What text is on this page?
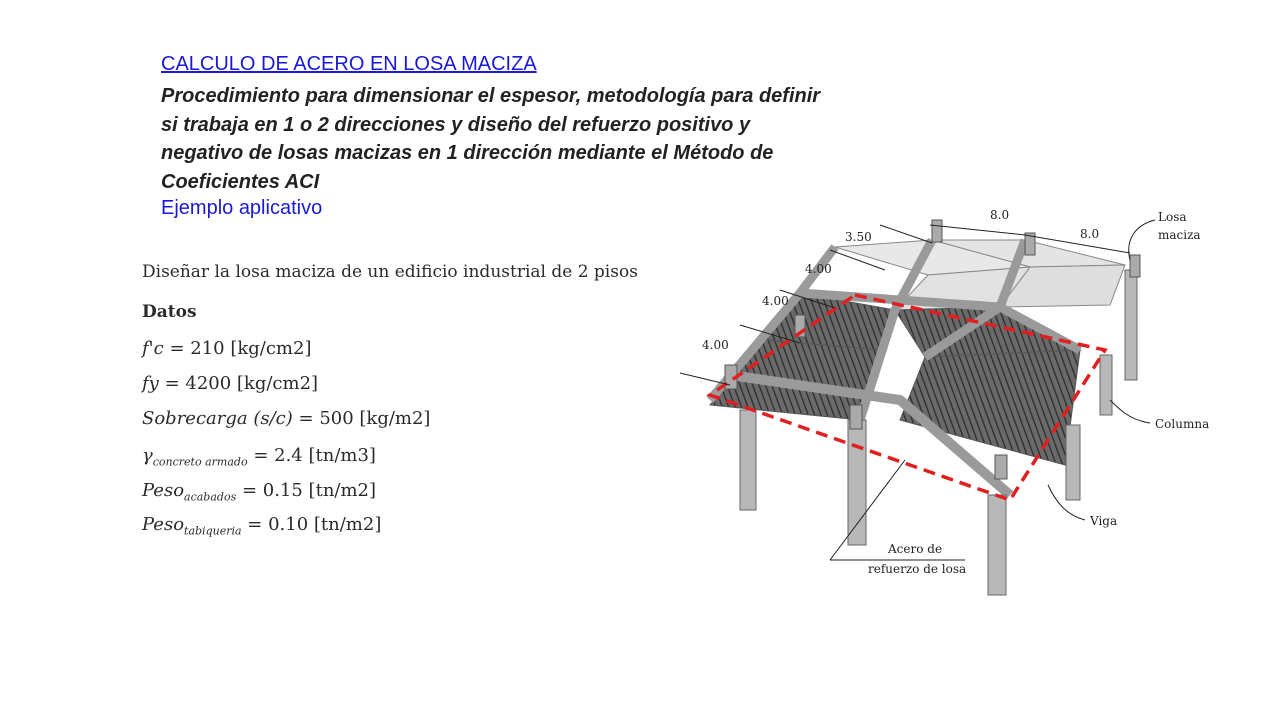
CALCULO DE ACERO EN LOSA MACIZA
Procedimiento para dimensionar el espesor, metodología para definir
si trabaja en 1 o 2 direcciones y diseño del refuerzo positivo y
negativo de losas macizas en 1 dirección mediante el Método de
Coeficientes ACI
Ejemplo aplicativo
Diseñar la losa maciza de un edificio industrial de 2 pisos
Datos
f'c = 210 [kg/cm2]
fy = 4200 [kg/cm2]
Sobrecarga (s/c) = 500 [kg/m2]
$\gamma_{concreto armado} = 2.4$ [tn/m3]
Peso$_{acabados}$ = 0.15 [tn/m2]
Peso$_{tabiqueria}$ = 0.10 [tn/m2]
8.0
8.0
3.50
4.00
4.00
4.00
Losa
maciza
Columna
Viga
Acero de
refuerzo de losa
